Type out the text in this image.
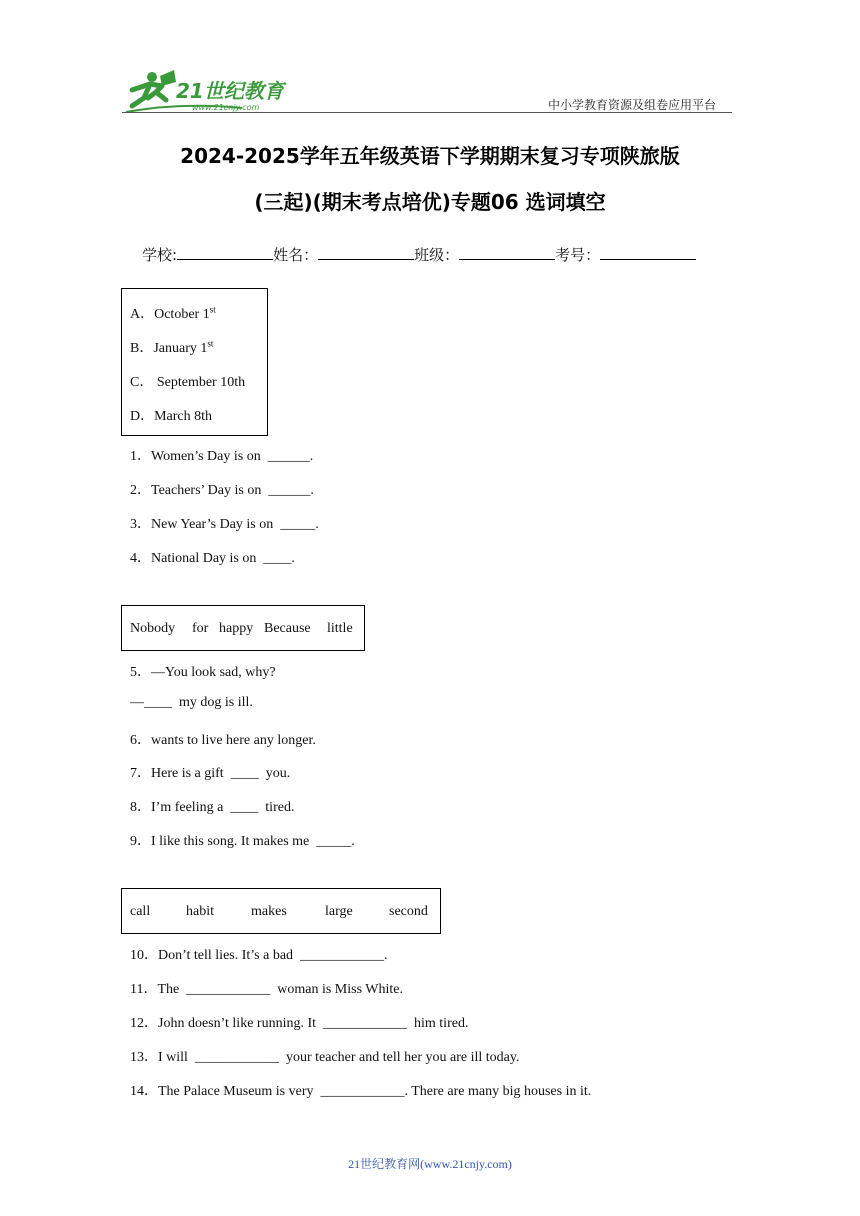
21世纪教育
www.21cnjy.com	中小学教育资源及组卷应用平台
2024-2025学年五年级英语下学期期末复习专项陕旅版
(三起)(期末考点培优)专题06 选词填空
学校:	姓名：	班级：	考号：
A．October 1st
B．January 1st
C． September 10th
D．March 8th
1．Women’s Day is on  ______.
2．Teachers’ Day is on  ______.
3．New Year’s Day is on  _____.
4．National Day is on  ____.
Nobody for happy Because little
5．—You look sad, why?
—____  my dog is ill.
6．wants to live here any longer.
7．Here is a gift  ____  you.
8．I’m feeling a  ____  tired.
9．I like this song. It makes me  _____.
call	habit	makes	large	second
10．Don’t tell lies. It’s a bad  ____________.
11．The  ____________  woman is Miss White.
12．John doesn’t like running. It  ____________  him tired.
13．I will  ____________  your teacher and tell her you are ill today.
14．The Palace Museum is very  ____________. There are many big houses in it.
21世纪教育网(www.21cnjy.com)
